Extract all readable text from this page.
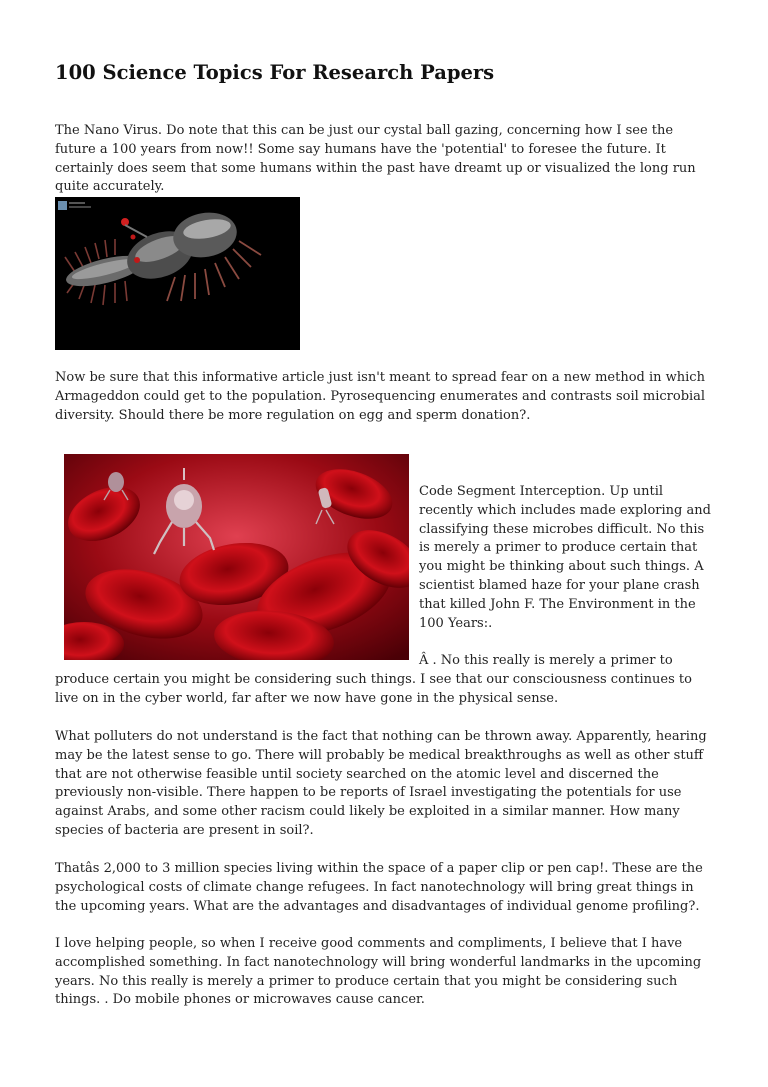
100 Science Topics For Research Papers

The Nano Virus. Do note that this can be just our cystal ball gazing, concerning how I see the future a 100 years from now!! Some say humans have the 'potential' to foresee the future. It certainly does seem that some humans within the past have dreamt up or visualized the long run quite accurately.

Now be sure that this informative article just isn't meant to spread fear on a new method in which Armageddon could get to the population. Pyrosequencing enumerates and contrasts soil microbial diversity. Should there be more regulation on egg and sperm donation?.

Code Segment Interception. Up until recently which includes made exploring and classifying these microbes difficult. No this is merely a primer to produce certain that you might be thinking about such things. A scientist blamed haze for your plane crash that killed John F. The Environment in the 100 Years:.

Â . No this really is merely a primer to produce certain you might be considering such things. I see that our consciousness continues to live on in the cyber world, far after we now have gone in the physical sense.

What polluters do not understand is the fact that nothing can be thrown away. Apparently, hearing may be the latest sense to go. There will probably be medical breakthroughs as well as other stuff that are not otherwise feasible until society searched on the atomic level and discerned the previously non-visible. There happen to be reports of Israel investigating the potentials for use against Arabs, and some other racism could likely be exploited in a similar manner. How many species of bacteria are present in soil?.

Thatâs 2,000 to 3 million species living within the space of a paper clip or pen cap!. These are the psychological costs of climate change refugees. In fact nanotechnology will bring great things in the upcoming years. What are the advantages and disadvantages of individual genome profiling?.

I love helping people, so when I receive good comments and compliments, I believe that I have accomplished something. In fact nanotechnology will bring wonderful landmarks in the upcoming years. No this really is merely a primer to produce certain that you might be considering such things. . Do mobile phones or microwaves cause cancer.
